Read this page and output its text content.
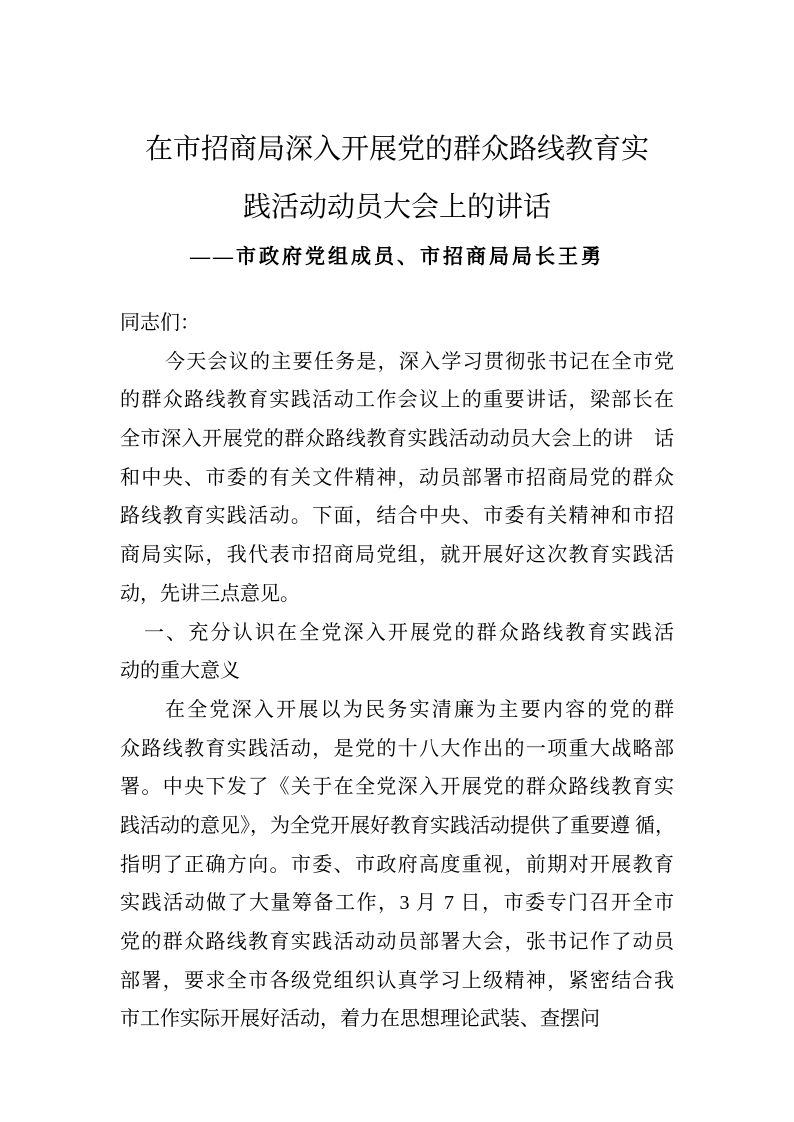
在市招商局深入开展党的群众路线教育实
践活动动员大会上的讲话
——市政府党组成员、市招商局局长王勇
同志们：
今天会议的主要任务是，深入学习贯彻张书记在全市党
的群众路线教育实践活动工作会议上的重要讲话，梁部长在
全市深入开展党的群众路线教育实践活动动员大会上的讲　话
和中央、市委的有关文件精神，动员部署市招商局党的群众
路线教育实践活动。下面，结合中央、市委有关精神和市招
商局实际，我代表市招商局党组，就开展好这次教育实践活
动，先讲三点意见。
一、充分认识在全党深入开展党的群众路线教育实践活
动的重大意义
在全党深入开展以为民务实清廉为主要内容的党的群
众路线教育实践活动，是党的十八大作出的一项重大战略部
署。中央下发了《关于在全党深入开展党的群众路线教育实
践活动的意见》，为全党开展好教育实践活动提供了重要遵 循，
指明了正确方向。市委、市政府高度重视，前期对开展教育
实践活动做了大量筹备工作，3 月 7 日，市委专门召开全市
党的群众路线教育实践活动动员部署大会，张书记作了动员
部署，要求全市各级党组织认真学习上级精神，紧密结合我
市工作实际开展好活动，着力在思想理论武装、查摆问
